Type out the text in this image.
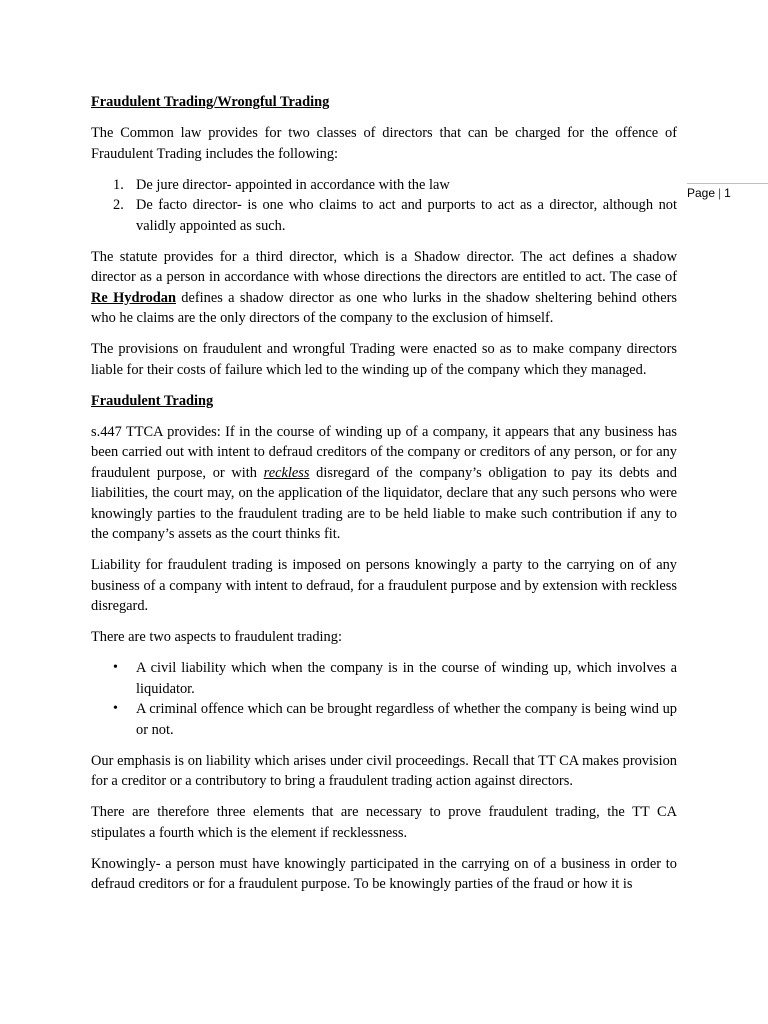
Page | 1

Fraudulent Trading/Wrongful Trading

The Common law provides for two classes of directors that can be charged for the offence of Fraudulent Trading includes the following:

1. De jure director- appointed in accordance with the law
2. De facto director- is one who claims to act and purports to act as a director, although not validly appointed as such.

The statute provides for a third director, which is a Shadow director. The act defines a shadow director as a person in accordance with whose directions the directors are entitled to act. The case of Re Hydrodan defines a shadow director as one who lurks in the shadow sheltering behind others who he claims are the only directors of the company to the exclusion of himself.

The provisions on fraudulent and wrongful Trading were enacted so as to make company directors liable for their costs of failure which led to the winding up of the company which they managed.

Fraudulent Trading

s.447 TTCA provides: If in the course of winding up of a company, it appears that any business has been carried out with intent to defraud creditors of the company or creditors of any person, or for any fraudulent purpose, or with reckless disregard of the company’s obligation to pay its debts and liabilities, the court may, on the application of the liquidator, declare that any such persons who were knowingly parties to the fraudulent trading are to be held liable to make such contribution if any to the company’s assets as the court thinks fit.

Liability for fraudulent trading is imposed on persons knowingly a party to the carrying on of any business of a company with intent to defraud, for a fraudulent purpose and by extension with reckless disregard.

There are two aspects to fraudulent trading:

• A civil liability which when the company is in the course of winding up, which involves a liquidator.
• A criminal offence which can be brought regardless of whether the company is being wind up or not.

Our emphasis is on liability which arises under civil proceedings. Recall that TT CA makes provision for a creditor or a contributory to bring a fraudulent trading action against directors.

There are therefore three elements that are necessary to prove fraudulent trading, the TT CA stipulates a fourth which is the element if recklessness.

Knowingly- a person must have knowingly participated in the carrying on of a business in order to defraud creditors or for a fraudulent purpose. To be knowingly parties of the fraud or how it is
